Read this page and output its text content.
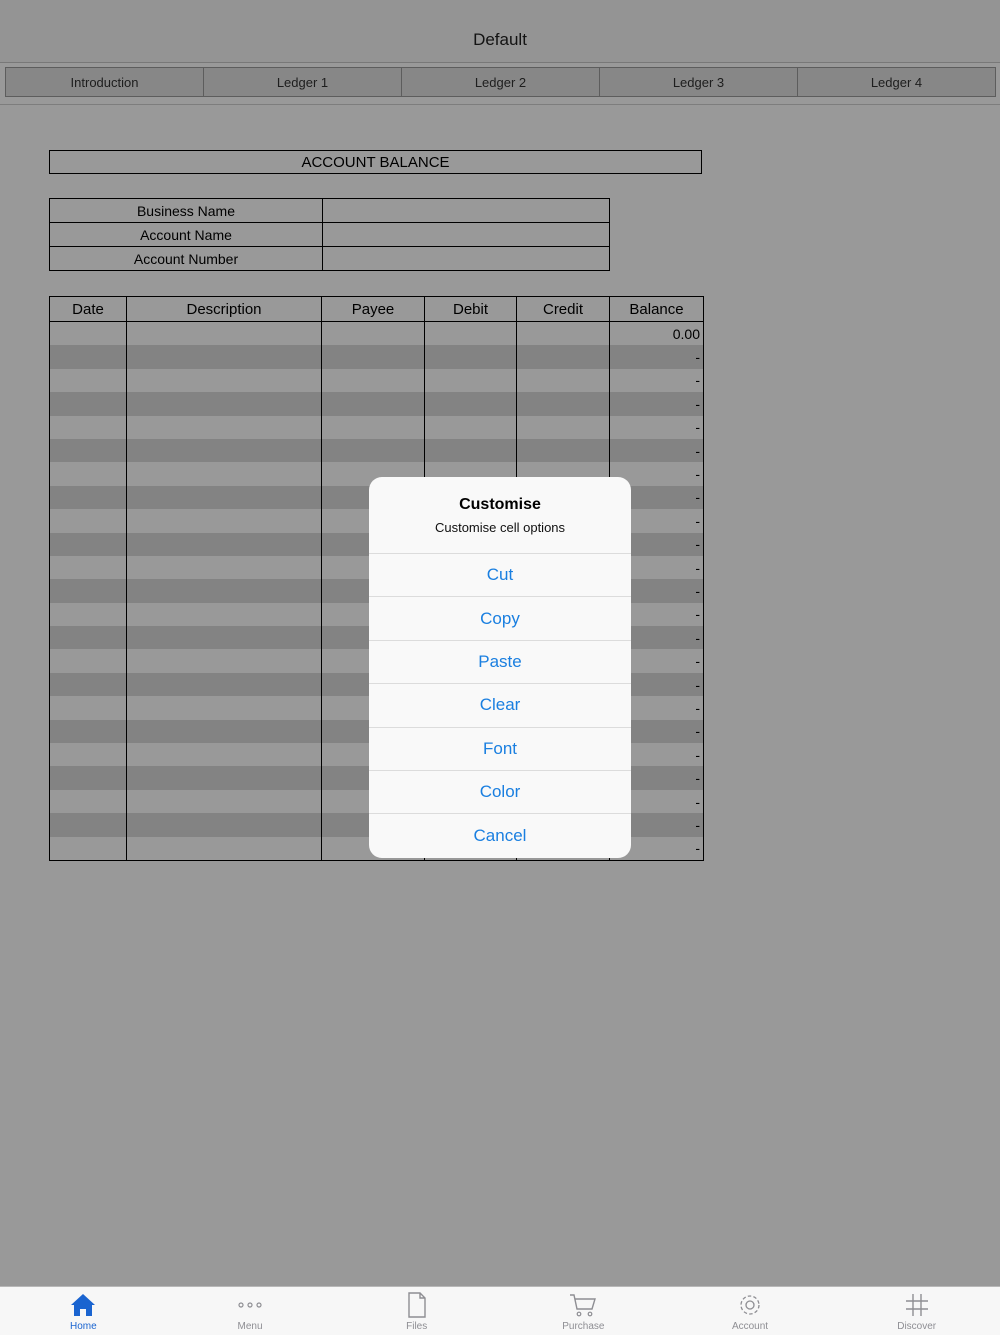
Default
Introduction	Ledger 1	Ledger 2	Ledger 3	Ledger 4
ACCOUNT BALANCE
Business Name	
Account Name	
Account Number	
Date	Description	Payee	Debit	Credit	Balance
					0.00
					-
					-
					-
					-
					-
					-
					-
					-
					-
					-
					-
					-
					-
					-
					-
					-
					-
					-
					-
					-
					-
					-
Customise
Customise cell options
Cut
Copy
Paste
Clear
Font
Color
Cancel
Home	Menu	Files	Purchase	Account	Discover
